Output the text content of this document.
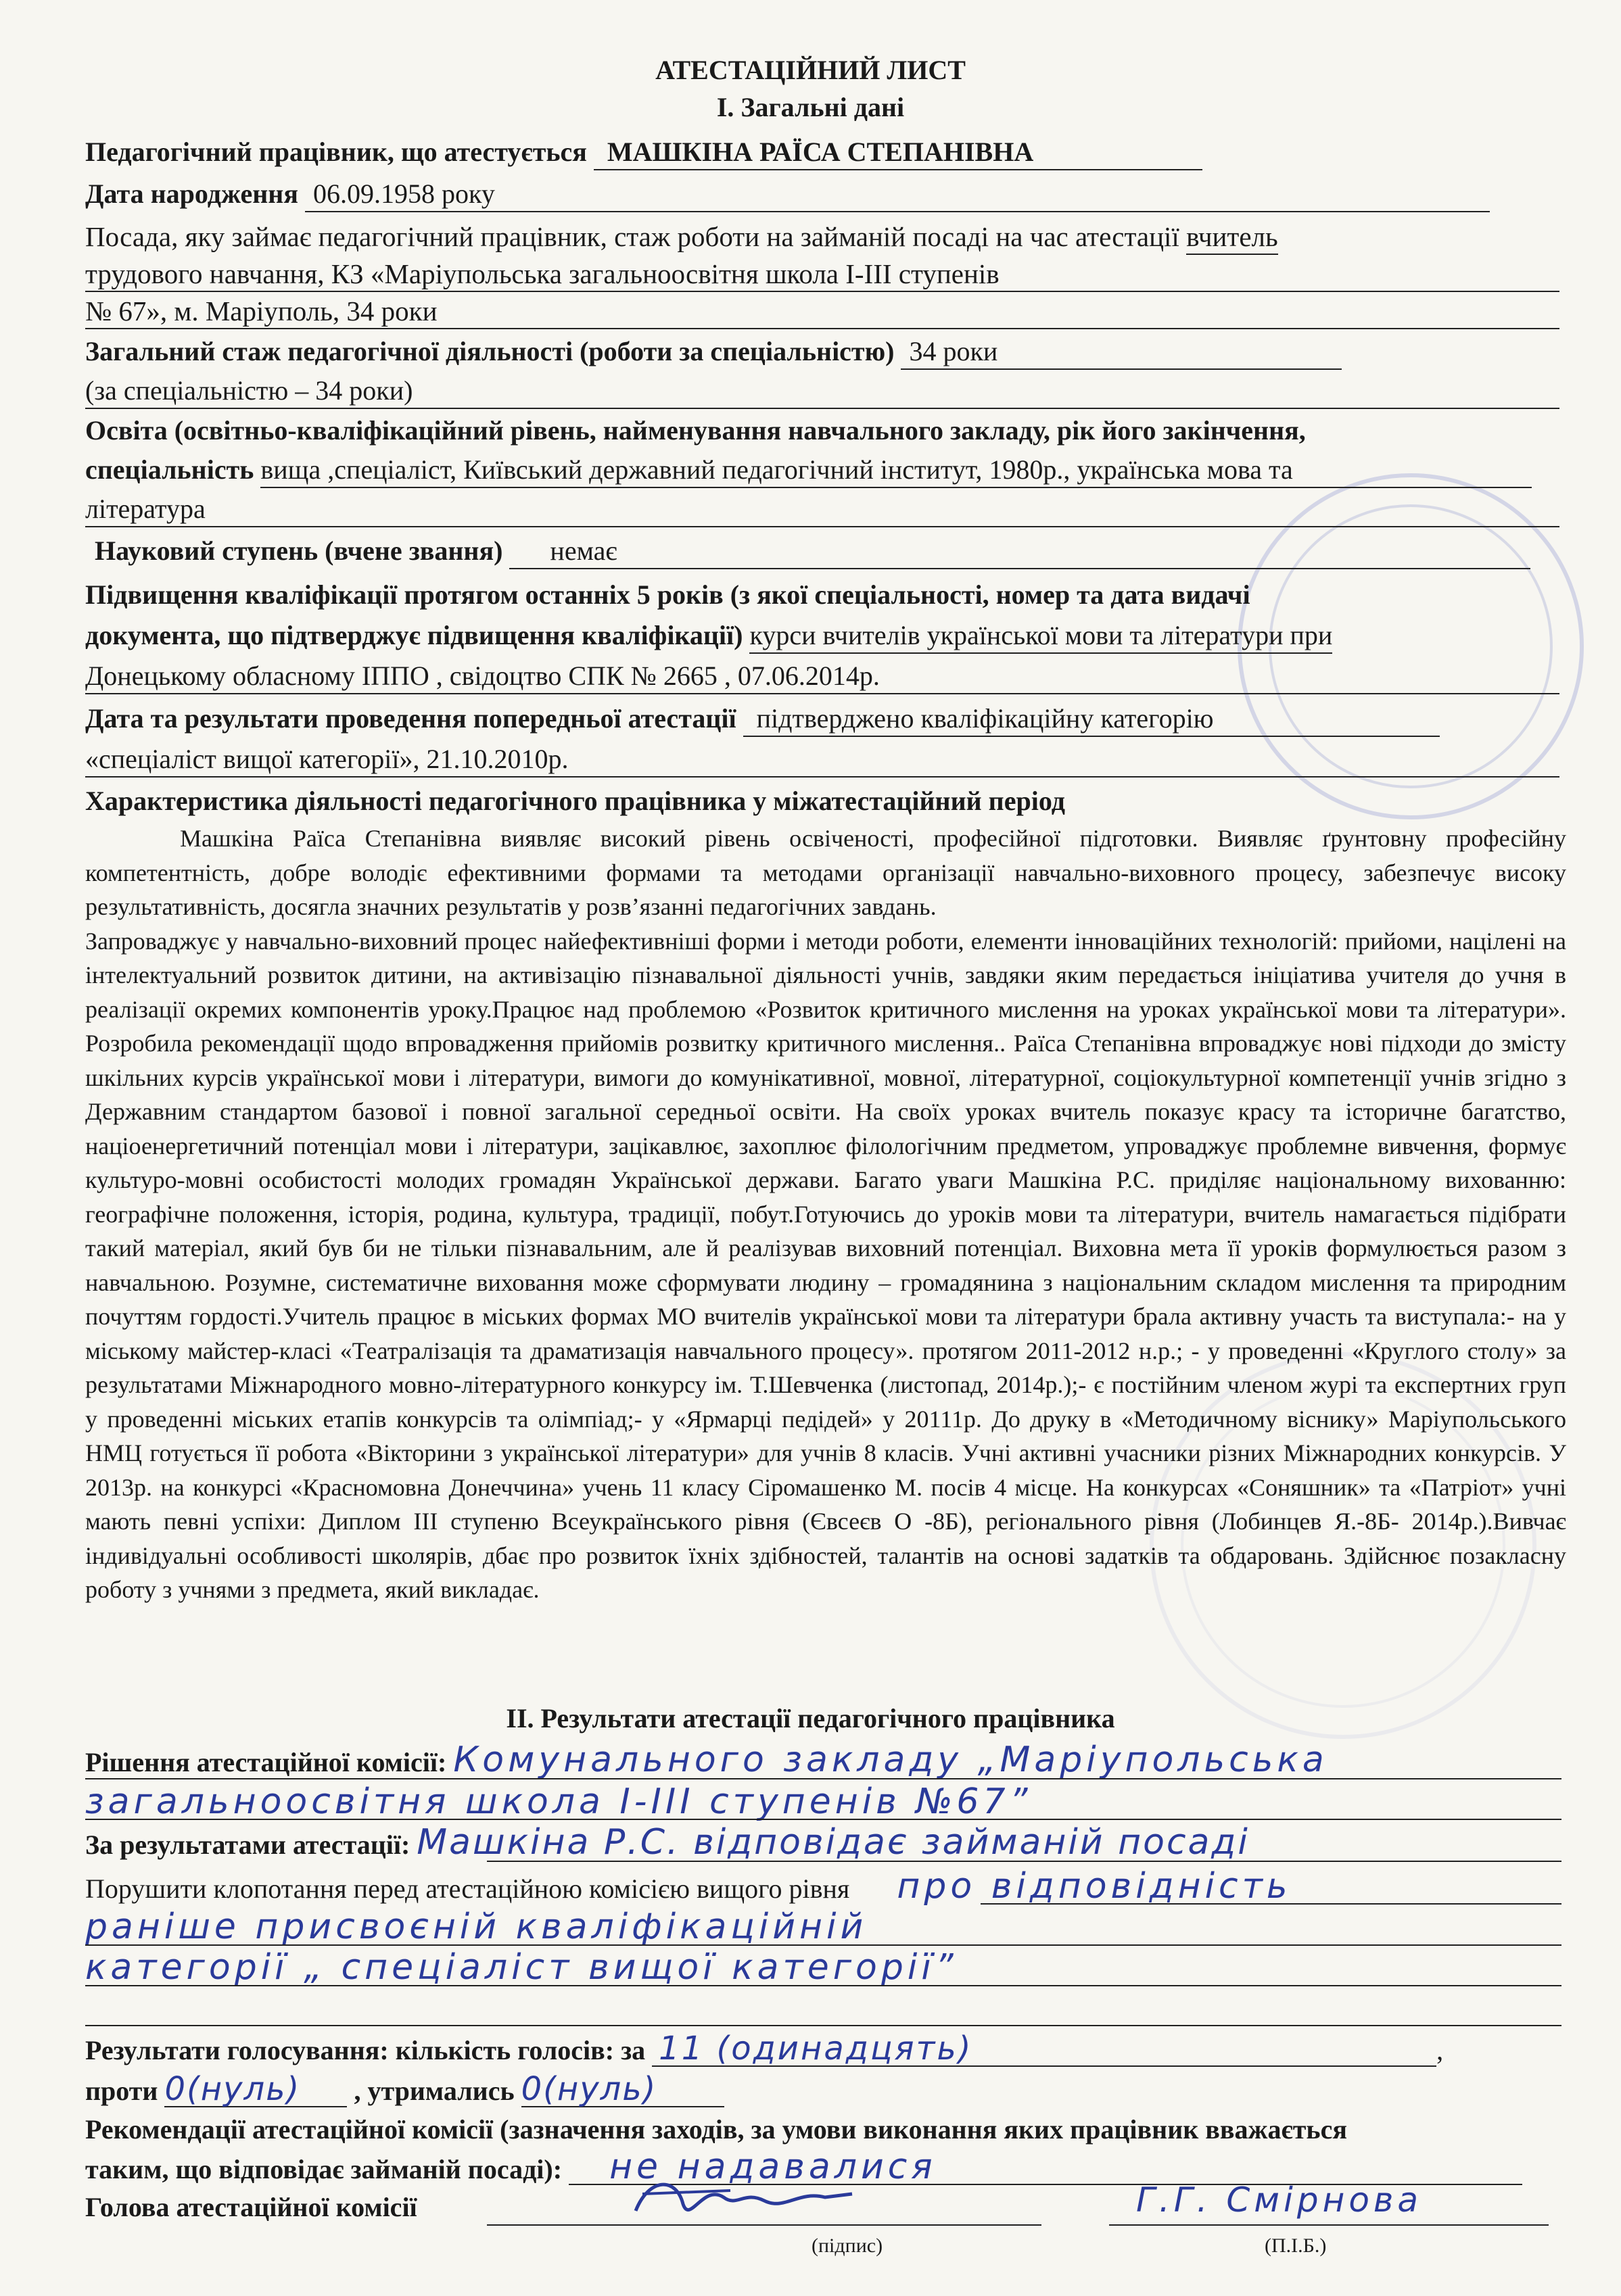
АТЕСТАЦІЙНИЙ ЛИСТ
І. Загальні дані
Педагогічний працівник, що атестується МАШКІНА РАЇСА СТЕПАНІВНА
Дата народження 06.09.1958 року
Посада, яку займає педагогічний працівник, стаж роботи на займаній посаді на час атестації вчитель
трудового навчання, КЗ «Маріупольська загальноосвітня школа І-ІІІ ступенів
№ 67», м. Маріуполь, 34 роки
Загальний стаж педагогічної діяльності (роботи за спеціальністю) 34 роки
(за спеціальністю – 34 роки)
Освіта (освітньо-кваліфікаційний рівень, найменування навчального закладу, рік його закінчення,
спеціальність вища ,спеціаліст, Київський державний педагогічний інститут, 1980р., українська мова та
література
Науковий ступень (вчене звання) немає
Підвищення кваліфікації протягом останніх 5 років (з якої спеціальності, номер та дата видачі
документа, що підтверджує підвищення кваліфікації) курси вчителів української мови та літератури при
Донецькому обласному ІППО , свідоцтво СПК № 2665 , 07.06.2014р.
Дата та результати проведення попередньої атестації підтверджено кваліфікаційну категорію
«спеціаліст вищої категорії», 21.10.2010р.
Характеристика діяльності педагогічного працівника у міжатестаційний період

Машкіна Раїса Степанівна виявляє високий рівень освіченості, професійної підготовки. Виявляє ґрунтовну професійну компетентність, добре володіє ефективними формами та методами організації навчально-виховного процесу, забезпечує високу результативність, досягла значних результатів у розв’язанні педагогічних завдань.

Запроваджує у навчально-виховний процес найефективніші форми і методи роботи, елементи інноваційних технологій: прийоми, націлені на інтелектуальний розвиток дитини, на активізацію пізнавальної діяльності учнів, завдяки яким передається ініціатива учителя до учня в реалізації окремих компонентів уроку.Працює над проблемою «Розвиток критичного мислення на уроках української мови та літератури». Розробила рекомендації щодо впровадження прийомів розвитку критичного мислення.. Раїса Степанівна впроваджує нові підходи до змісту шкільних курсів української мови і літератури, вимоги до комунікативної, мовної, літературної, соціокультурної компетенції учнів згідно з Державним стандартом базової і повної загальної середньої освіти. На своїх уроках вчитель показує красу та історичне багатство, націоенергетичний потенціал мови і літератури, зацікавлює, захоплює філологічним предметом, упроваджує проблемне вивчення, формує культуро-мовні особистості молодих громадян Української держави. Багато уваги Машкіна Р.С. приділяє національному вихованню: географічне положення, історія, родина, культура, традиції, побут.Готуючись до уроків мови та літератури, вчитель намагається підібрати такий матеріал, який був би не тільки пізнавальним, але й реалізував виховний потенціал. Виховна мета її уроків формулюється разом з навчальною. Розумне, систематичне виховання може сформувати людину – громадянина з національним складом мислення та природним почуттям гордості.Учитель працює в міських формах МО вчителів української мови та літератури брала активну участь та виступала:- на у міському майстер-класі «Театралізація та драматизація навчального процесу». протягом 2011-2012 н.р.; - у проведенні «Круглого столу» за результатами Міжнародного мовно-літературного конкурсу ім. Т.Шевченка (листопад, 2014р.);- є постійним членом журі та експертних груп у проведенні міських етапів конкурсів та олімпіад;- у «Ярмарці педідей» у 20111р. До друку в «Методичному віснику» Маріупольського НМЦ готується її робота «Вікторини з української літератури» для учнів 8 класів. Учні активні учасники різних Міжнародних конкурсів. У 2013р. на конкурсі «Красномовна Донеччина» учень 11 класу Сіромашенко М. посів 4 місце. На конкурсах «Соняшник» та «Патріот» учні мають певні успіхи: Диплом ІІІ ступеню Всеукраїнського рівня (Євсеєв О -8Б), регіонального рівня (Лобинцев Я.-8Б- 2014р.).Вивчає індивідуальні особливості школярів, дбає про розвиток їхніх здібностей, талантів на основі задатків та обдаровань. Здійснює позакласну роботу з учнями з предмета, який викладає.

ІІ. Результати атестації педагогічного працівника
Рішення атестаційної комісії: Комунального закладу „Маріупольська
загальноосвітня школа І-ІІІ ступенів №67”
За результатами атестації: Машкіна Р.С. відповідає займаній посаді
Порушити клопотання перед атестаційною комісією вищого рівня про відповідність
раніше присвоєній кваліфікаційній
категорії „ спеціаліст вищої категорії”
Результати голосування: кількість голосів: за 11 (одинадцять)	,
проти 0(нуль) , утримались 0(нуль)
Рекомендації атестаційної комісії (зазначення заходів, за умови виконання яких працівник вважається
таким, що відповідає займаній посаді): не надавалися
Голова атестаційної комісії	Г.Г. Смірнова
(підпис)	(П.І.Б.)
